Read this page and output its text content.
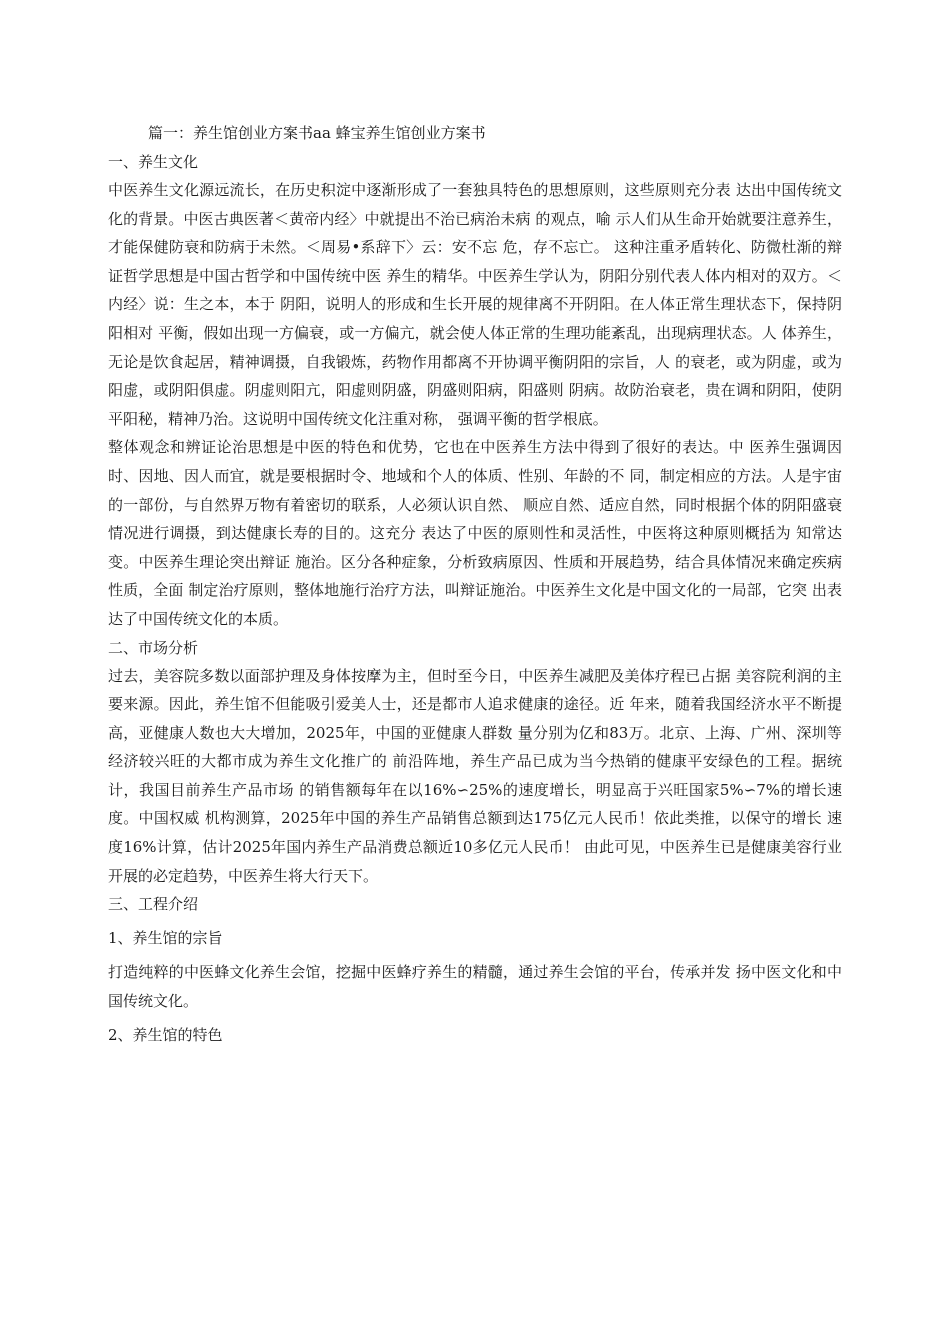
篇一：养生馆创业方案书aa 蜂宝养生馆创业方案书
一、养生文化

中医养生文化源远流长，在历史积淀中逐渐形成了一套独具特色的思想原则，这些原则充分表 达出中国传统文化的背景。中医古典医著＜黄帝内经〉中就提出不治已病治未病 的观点，喻 示人们从生命开始就要注意养生，才能保健防衰和防病于未然。＜周易•系辞下〉云：安不忘 危，存不忘亡。 这种注重矛盾转化、防微杜渐的辩证哲学思想是中国古哲学和中国传统中医 养生的精华。中医养生学认为，阴阳分别代表人体内相对的双方。＜内经〉说：生之本，本于 阴阳，说明人的形成和生长开展的规律离不开阴阳。在人体正常生理状态下，保持阴阳相对 平衡，假如出现一方偏衰，或一方偏亢，就会使人体正常的生理功能紊乱，出现病理状态。人 体养生，无论是饮食起居，精神调摄，自我锻炼，药物作用都离不开协调平衡阴阳的宗旨，人 的衰老，或为阴虚，或为阳虚，或阴阳俱虚。阴虚则阳亢，阳虚则阴盛，阴盛则阳病，阳盛则 阴病。故防治衰老，贵在调和阴阳，使阴平阳秘，精神乃治。这说明中国传统文化注重对称， 强调平衡的哲学根底。

整体观念和辨证论治思想是中医的特色和优势，它也在中医养生方法中得到了很好的表达。中 医养生强调因时、因地、因人而宜，就是要根据时令、地域和个人的体质、性别、年龄的不 同，制定相应的方法。人是宇宙的一部份，与自然界万物有着密切的联系，人必须认识自然、 顺应自然、适应自然，同时根据个体的阴阳盛衰情况进行调摄，到达健康长寿的目的。这充分 表达了中医的原则性和灵活性，中医将这种原则概括为 知常达变。中医养生理论突出辩证 施治。区分各种症象，分析致病原因、性质和开展趋势，结合具体情况来确定疾病性质，全面 制定治疗原则，整体地施行治疗方法，叫辩证施治。中医养生文化是中国文化的一局部，它突 出表达了中国传统文化的本质。

二、市场分析

过去，美容院多数以面部护理及身体按摩为主，但时至今日，中医养生减肥及美体疗程已占据 美容院利润的主要来源。因此，养生馆不但能吸引爱美人士，还是都市人追求健康的途径。近 年来，随着我国经济水平不断提高，亚健康人数也大大增加，2025年，中国的亚健康人群数 量分别为亿和83万。北京、上海、广州、深圳等经济较兴旺的大都市成为养生文化推广的 前沿阵地，养生产品已成为当今热销的健康平安绿色的工程。据统计，我国目前养生产品市场 的销售额每年在以16%∽25%的速度增长，明显高于兴旺国家5%∽7%的增长速度。中国权威 机构测算，2025年中国的养生产品销售总额到达175亿元人民币！依此类推，以保守的增长 速度16%计算，估计2025年国内养生产品消费总额近10多亿元人民币！ 由此可见，中医养生已是健康美容行业开展的必定趋势，中医养生将大行天下。

三、工程介绍
1、养生馆的宗旨

打造纯粹的中医蜂文化养生会馆，挖掘中医蜂疗养生的精髓，通过养生会馆的平台，传承并发 扬中医文化和中国传统文化。

2、养生馆的特色
